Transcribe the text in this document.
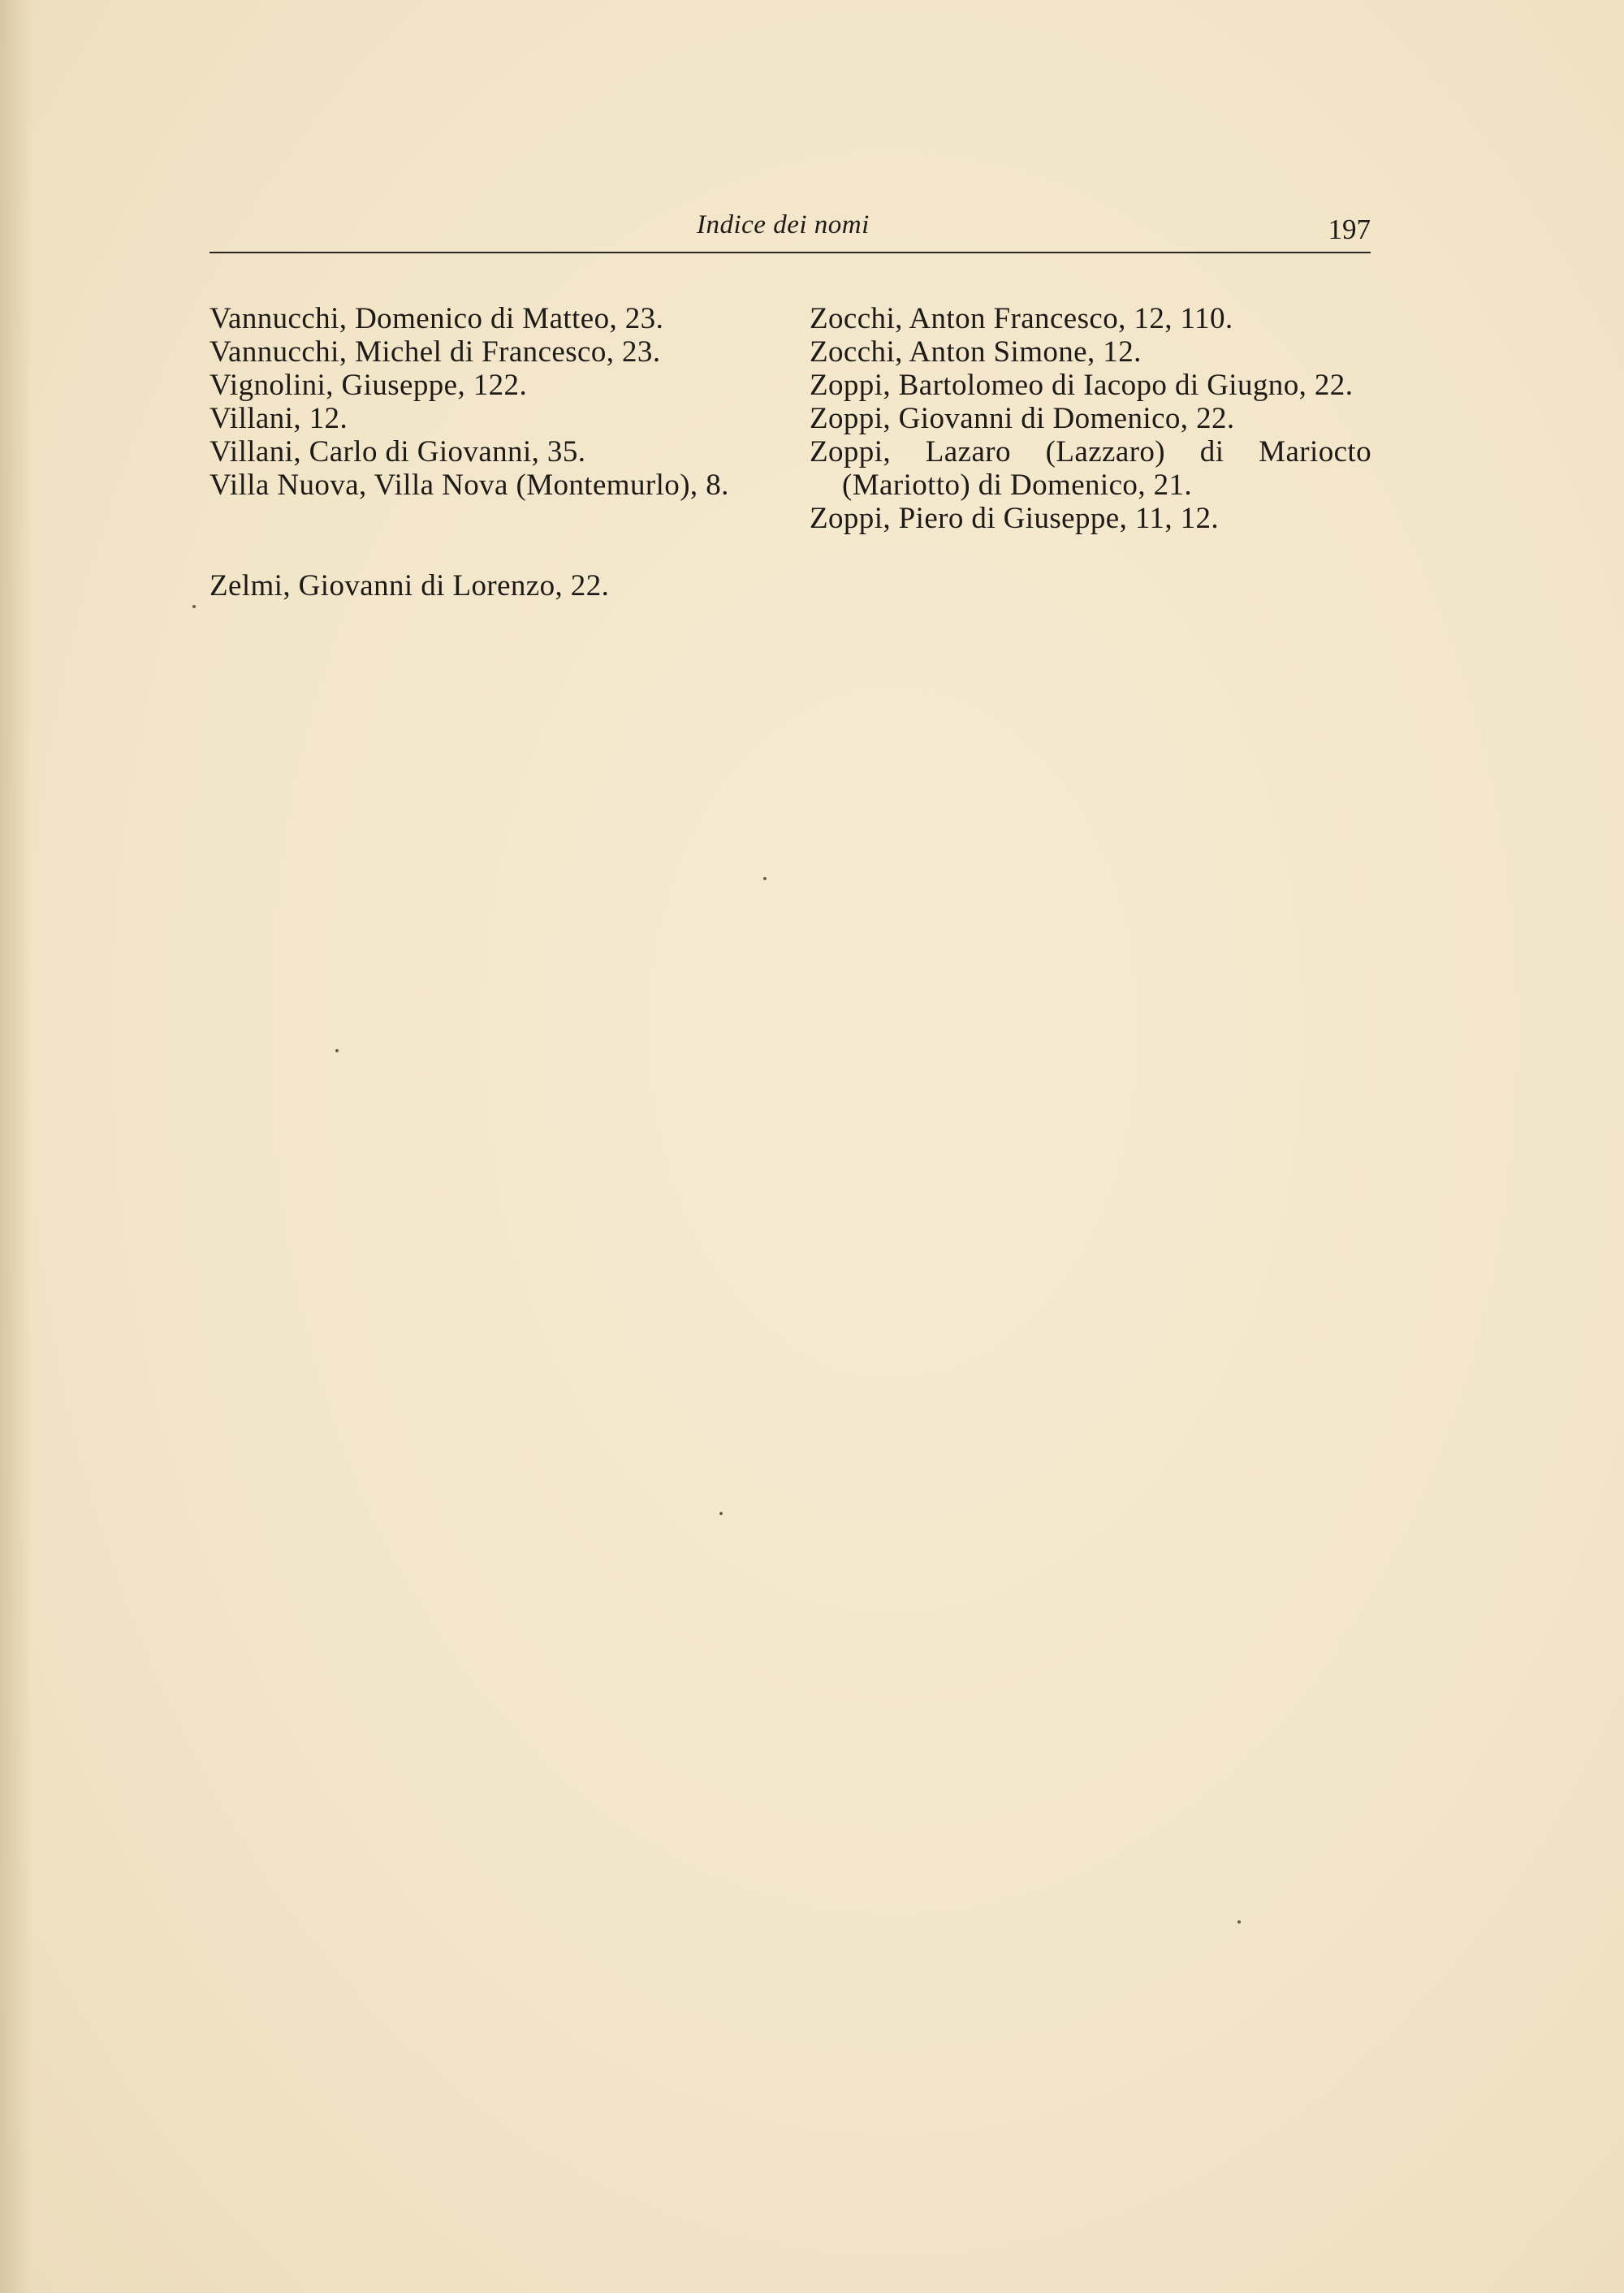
Indice dei nomi	197

Vannucchi, Domenico di Matteo, 23.

Vannucchi, Michel di Francesco, 23.

Vignolini, Giuseppe, 122.

Villani, 12.

Villani, Carlo di Giovanni, 35.

Villa Nuova, Villa Nova (Montemurlo), 8.

Zelmi, Giovanni di Lorenzo, 22.

Zocchi, Anton Francesco, 12, 110.

Zocchi, Anton Simone, 12.

Zoppi, Bartolomeo di Iacopo di Giugno, 22.

Zoppi, Giovanni di Domenico, 22.

Zoppi, Lazaro (Lazzaro) di Mariocto (Mariotto) di Domenico, 21.

Zoppi, Piero di Giuseppe, 11, 12.
